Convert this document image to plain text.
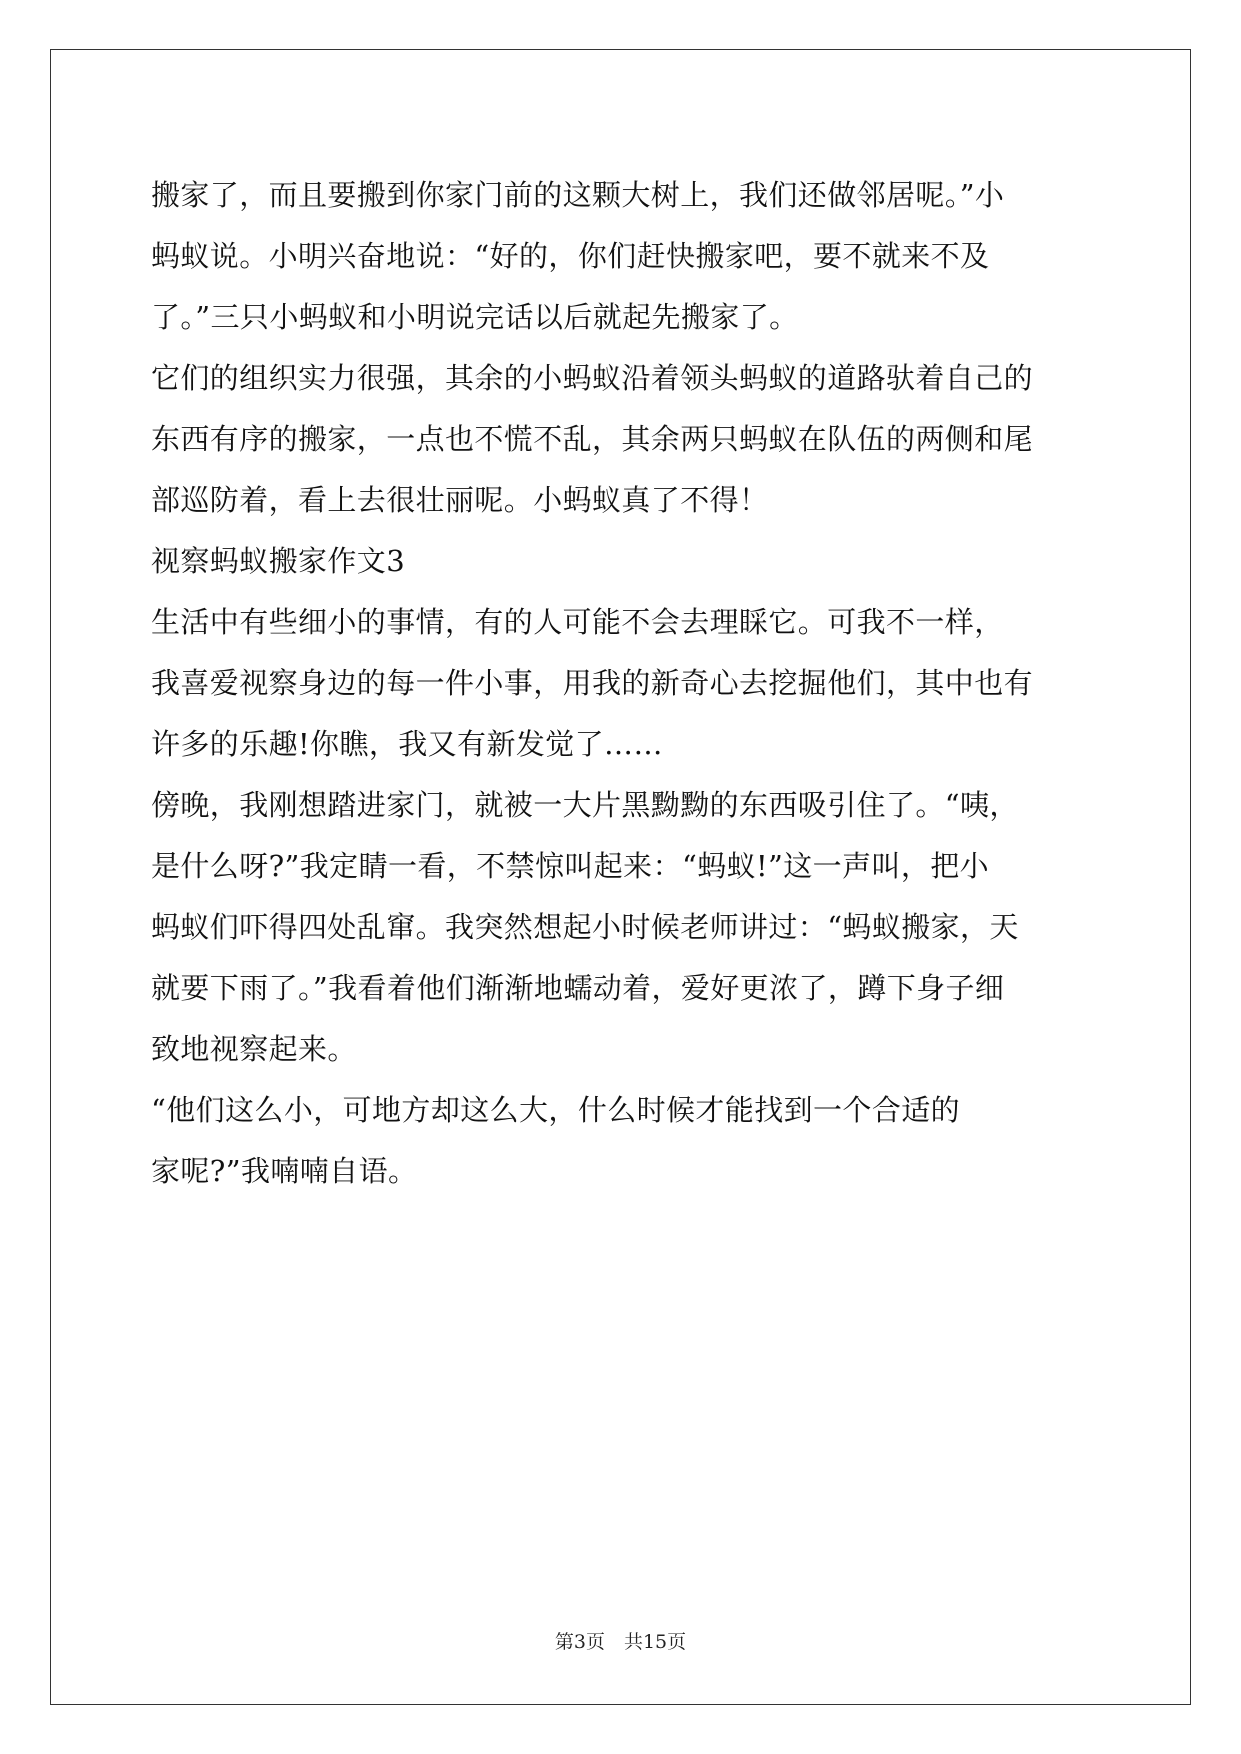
搬家了，而且要搬到你家门前的这颗大树上，我们还做邻居呢。”小
蚂蚁说。小明兴奋地说：“好的，你们赶快搬家吧，要不就来不及
了。”三只小蚂蚁和小明说完话以后就起先搬家了。
它们的组织实力很强，其余的小蚂蚁沿着领头蚂蚁的道路驮着自己的
东西有序的搬家，一点也不慌不乱，其余两只蚂蚁在队伍的两侧和尾
部巡防着，看上去很壮丽呢。小蚂蚁真了不得！
视察蚂蚁搬家作文3
生活中有些细小的事情，有的人可能不会去理睬它。可我不一样，
我喜爱视察身边的每一件小事，用我的新奇心去挖掘他们，其中也有
许多的乐趣!你瞧，我又有新发觉了……
傍晚，我刚想踏进家门，就被一大片黑黝黝的东西吸引住了。“咦，
是什么呀?”我定睛一看，不禁惊叫起来：“蚂蚁!”这一声叫，把小
蚂蚁们吓得四处乱窜。我突然想起小时候老师讲过：“蚂蚁搬家，天
就要下雨了。”我看着他们渐渐地蠕动着，爱好更浓了，蹲下身子细
致地视察起来。
“他们这么小，可地方却这么大，什么时候才能找到一个合适的
家呢?”我喃喃自语。
第3页　共15页
